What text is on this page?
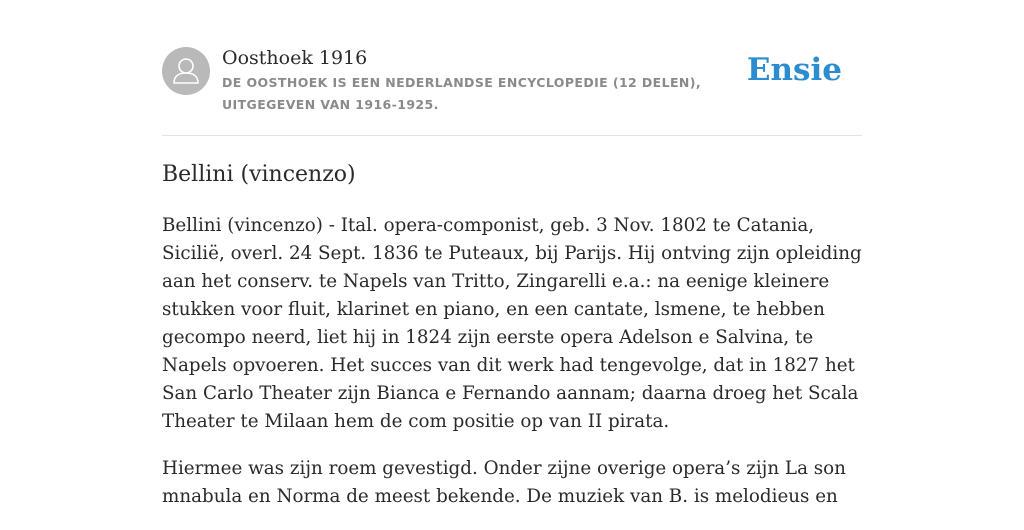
Oosthoek 1916
DE OOSTHOEK IS EEN NEDERLANDSE ENCYCLOPEDIE (12 DELEN), UITGEGEVEN VAN 1916-1925.
Ensie
Bellini (vincenzo)

Bellini (vincenzo) - Ital. opera-componist, geb. 3 Nov. 1802 te Catania, Sicilië, overl. 24 Sept. 1836 te Puteaux, bij Parijs. Hij ontving zijn opleiding aan het conserv. te Napels van Tritto, Zingarelli e.a.: na eenige kleinere stukken voor fluit, klarinet en piano, en een cantate, lsmene, te hebben gecompo neerd, liet hij in 1824 zijn eerste opera Adelson e Salvina, te Napels opvoeren. Het succes van dit werk had tengevolge, dat in 1827 het San Carlo Theater zijn Bianca e Fernando aannam; daarna droeg het Scala Theater te Milaan hem de com positie op van II pirata.

Hiermee was zijn roem gevestigd. Onder zijne overige opera’s zijn La son mnabula en Norma de meest bekende. De muziek van B. is melodieus en
